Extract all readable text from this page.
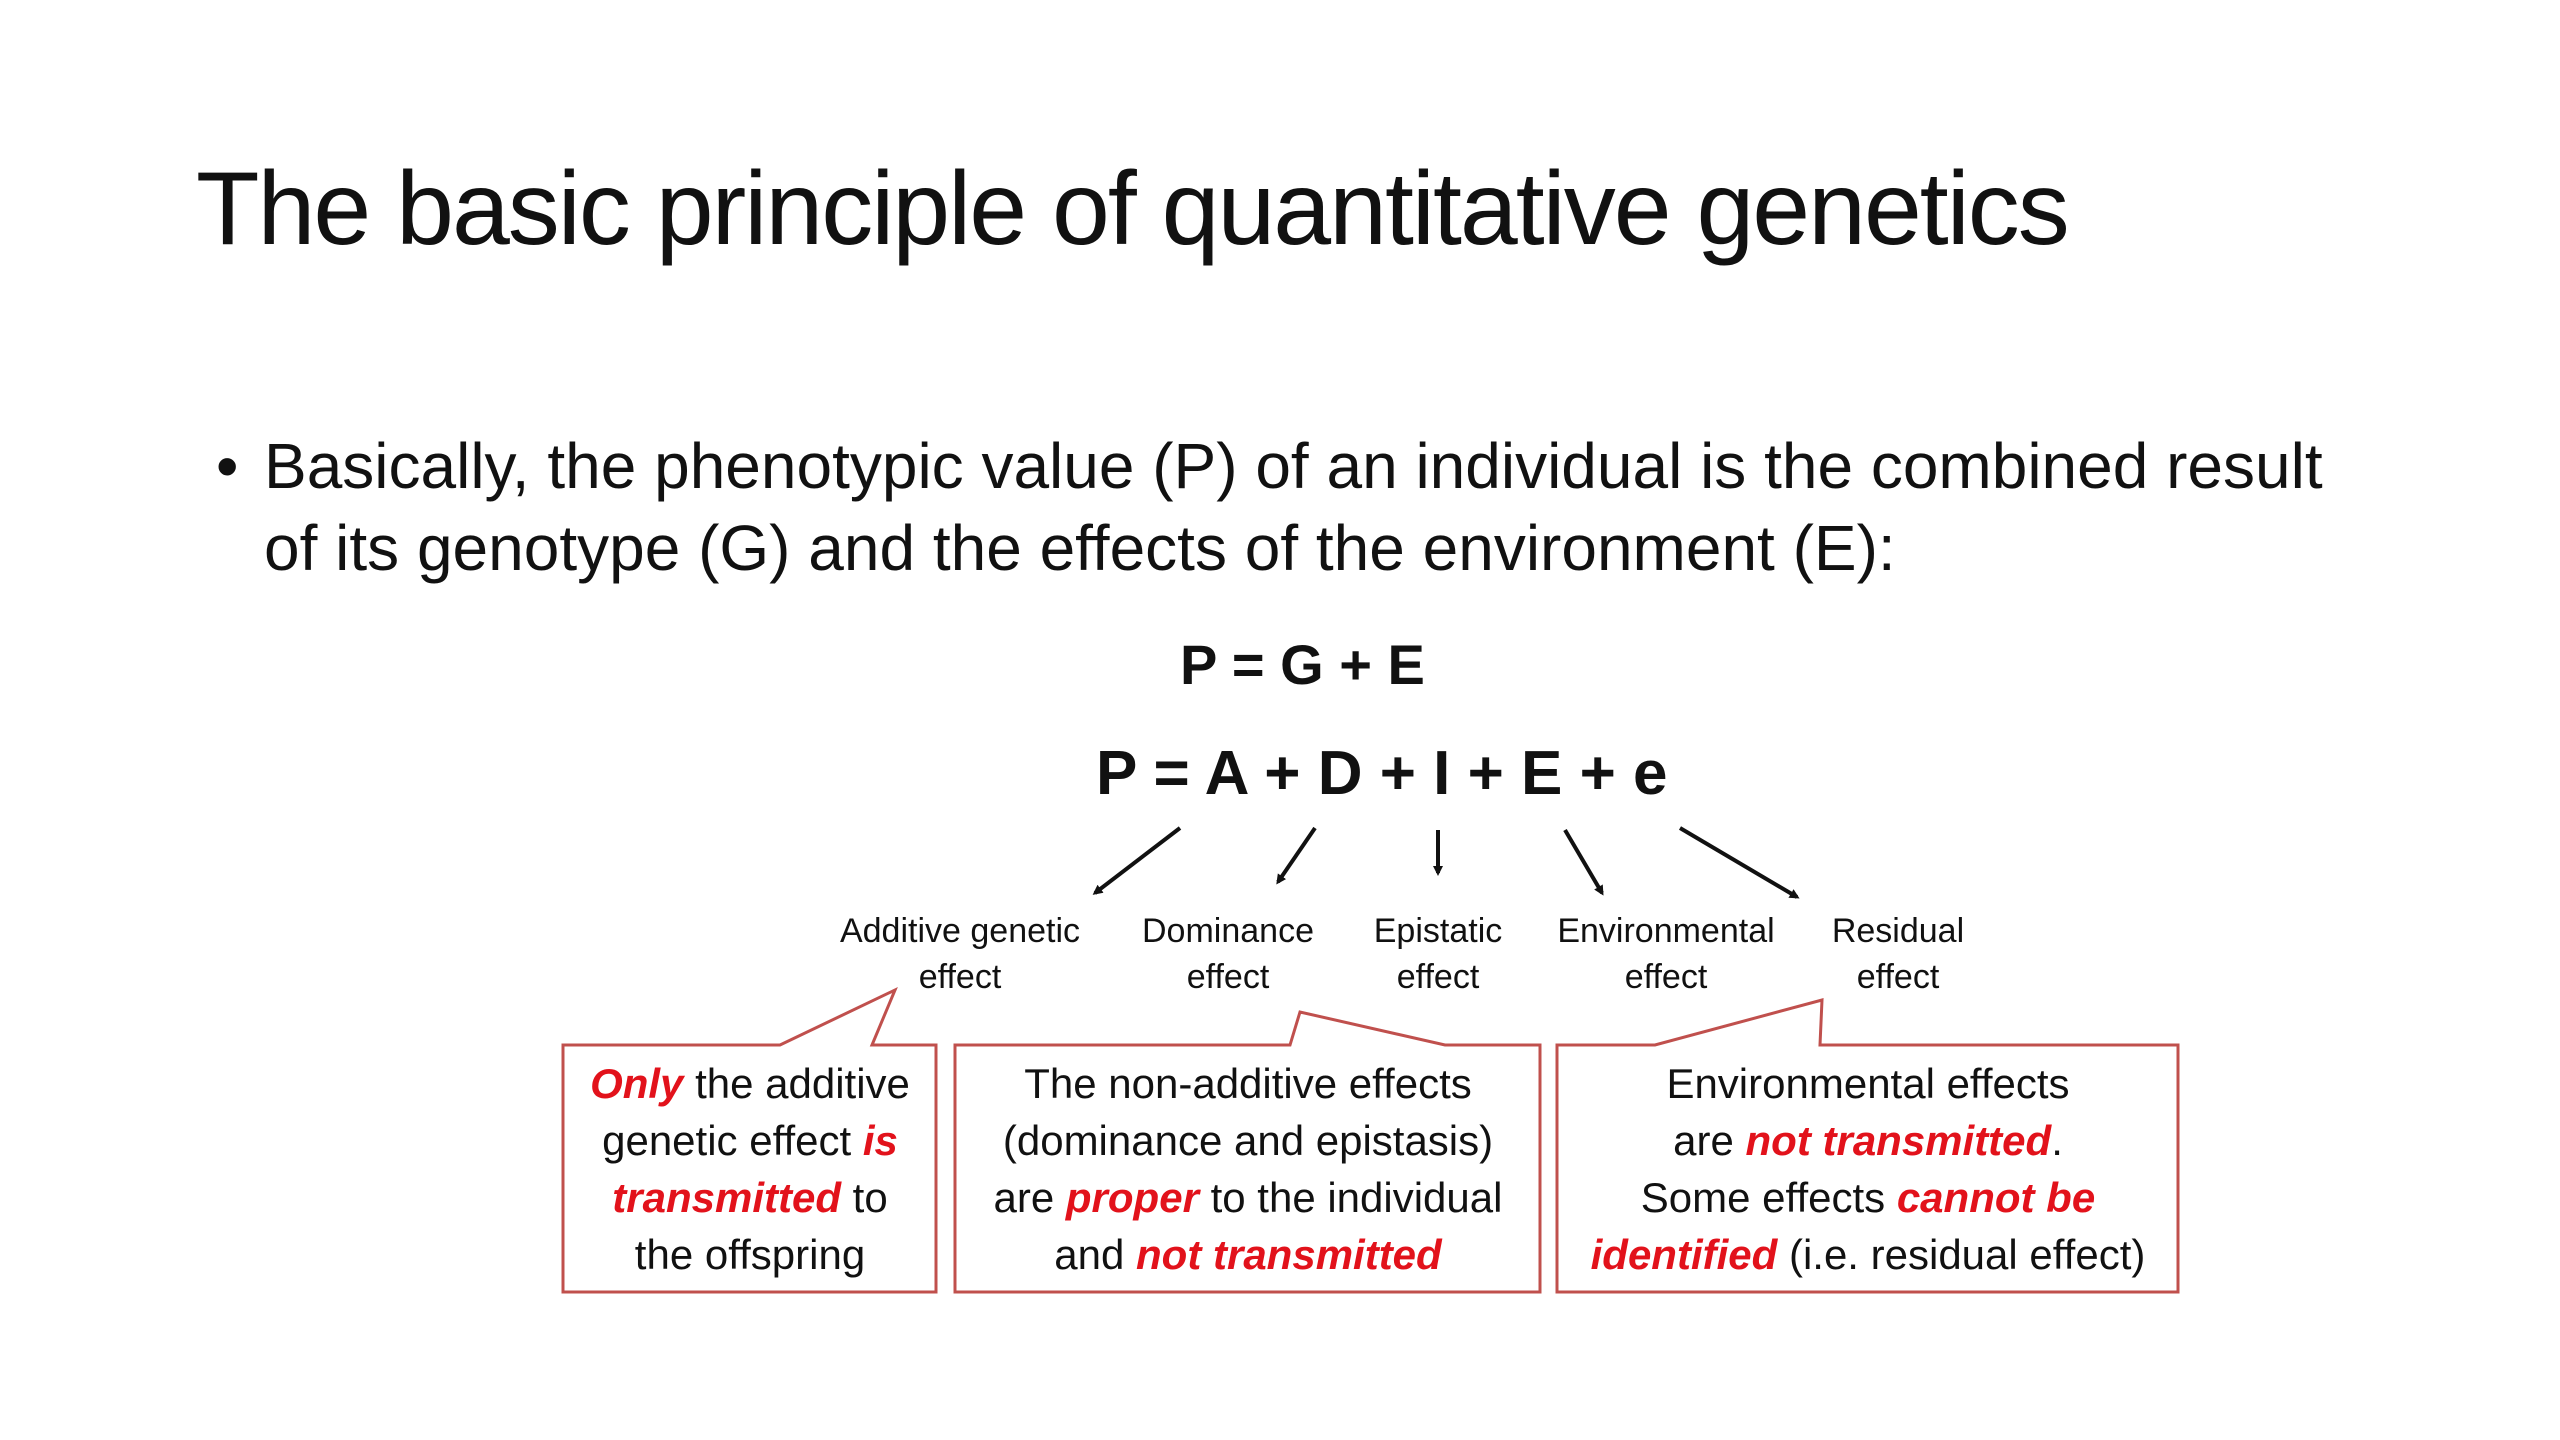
The basic principle of quantitative genetics
• Basically, the phenotypic value (P) of an individual is the combined result of its genotype (G) and the effects of the environment (E):
P = G + E
P = A + D + I + E + e
Additive genetic
effect
Dominance
effect
Epistatic
effect
Environmental
effect
Residual
effect
Only the additive
genetic effect is
transmitted to
the offspring
The non-additive effects
(dominance and epistasis)
are proper to the individual
and not transmitted
Environmental effects
are not transmitted.
Some effects cannot be
identified (i.e. residual effect)
